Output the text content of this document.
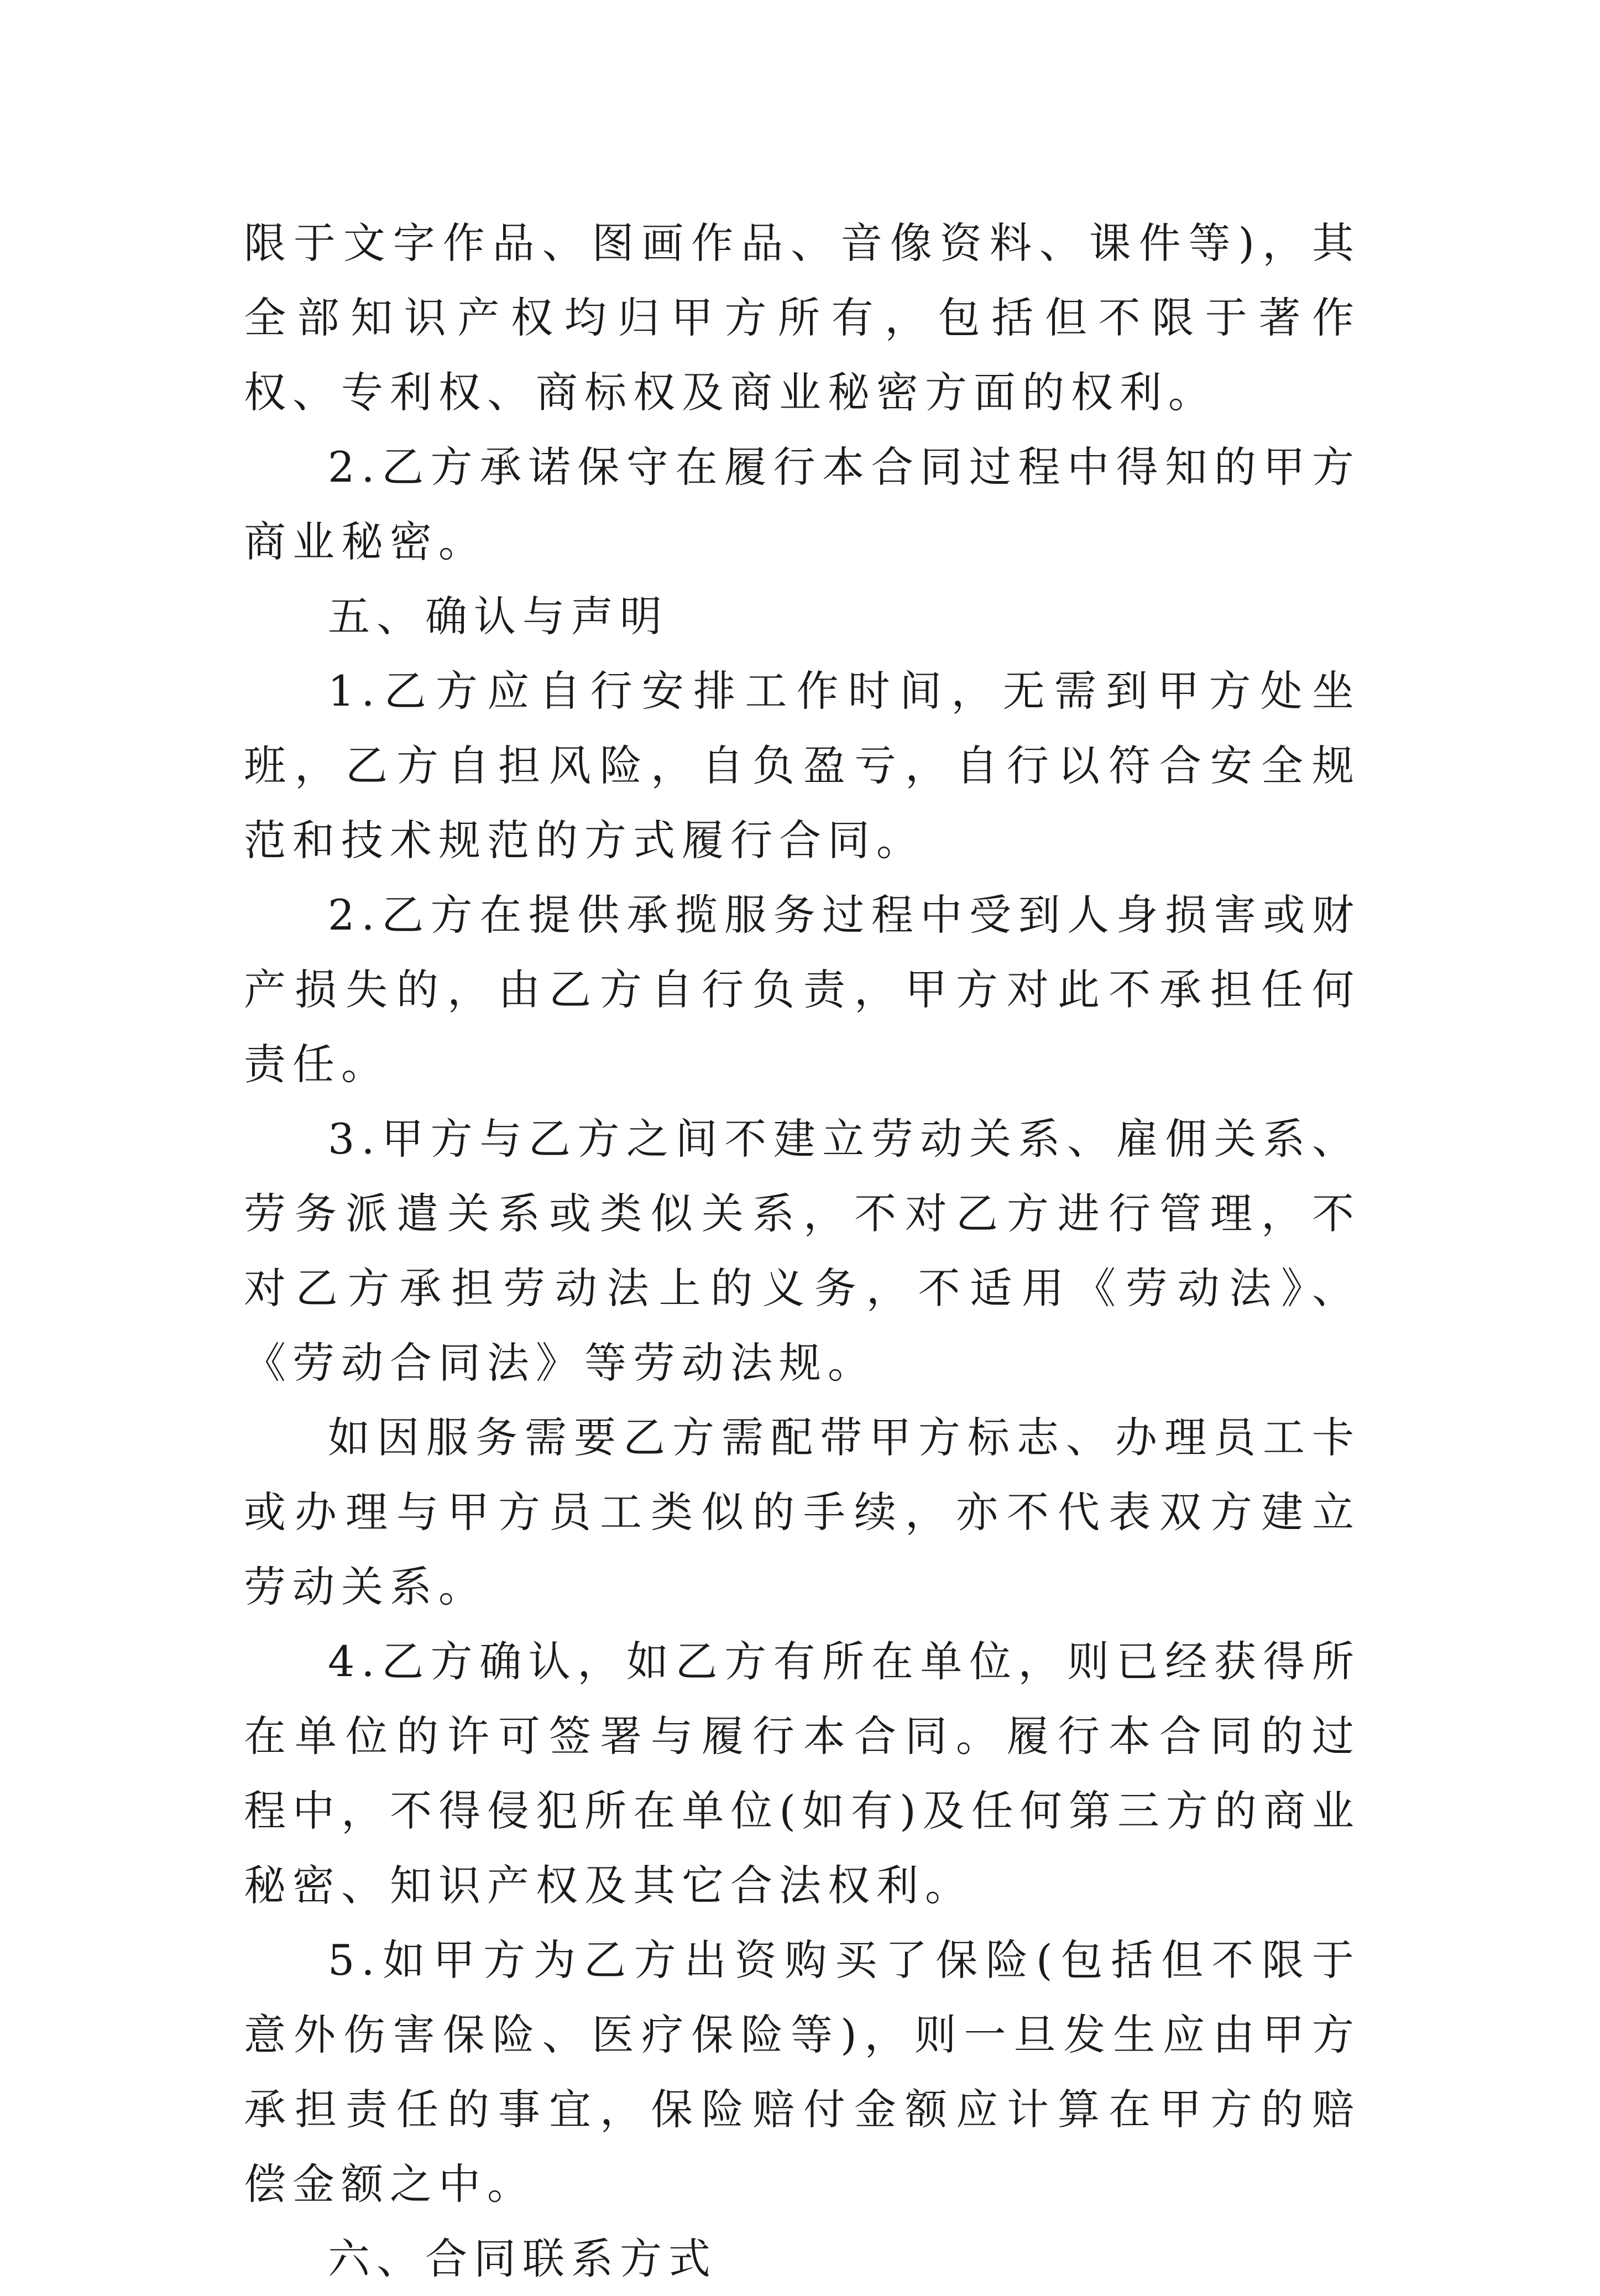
限于文字作品、图画作品、音像资料、课件等)，其全部知识产权均归甲方所有，包括但不限于著作权、专利权、商标权及商业秘密方面的权利。

2.乙方承诺保守在履行本合同过程中得知的甲方商业秘密。

五、确认与声明

1.乙方应自行安排工作时间，无需到甲方处坐班，乙方自担风险，自负盈亏，自行以符合安全规范和技术规范的方式履行合同。

2.乙方在提供承揽服务过程中受到人身损害或财产损失的，由乙方自行负责，甲方对此不承担任何责任。

3.甲方与乙方之间不建立劳动关系、雇佣关系、劳务派遣关系或类似关系，不对乙方进行管理，不对乙方承担劳动法上的义务，不适用《劳动法》、《劳动合同法》等劳动法规。

如因服务需要乙方需配带甲方标志、办理员工卡或办理与甲方员工类似的手续，亦不代表双方建立劳动关系。

4.乙方确认，如乙方有所在单位，则已经获得所在单位的许可签署与履行本合同。履行本合同的过程中，不得侵犯所在单位(如有)及任何第三方的商业秘密、知识产权及其它合法权利。

5.如甲方为乙方出资购买了保险(包括但不限于意外伤害保险、医疗保险等)，则一旦发生应由甲方承担责任的事宜，保险赔付金额应计算在甲方的赔偿金额之中。

六、合同联系方式
